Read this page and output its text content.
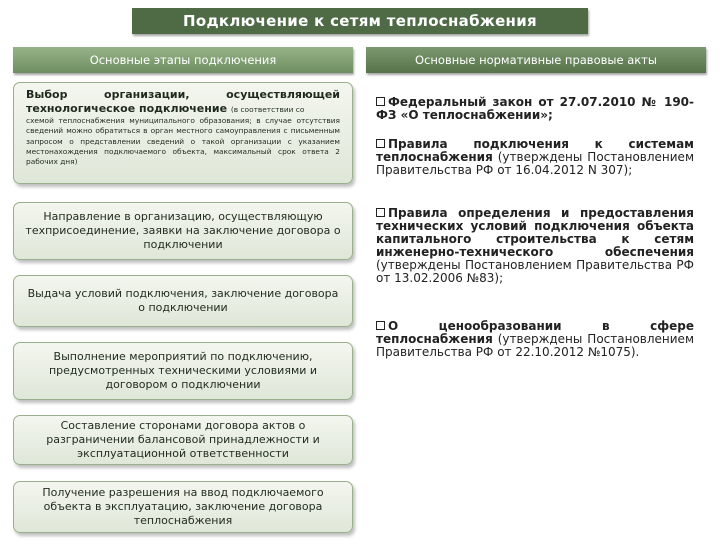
Подключение к сетям теплоснабжения
Основные этапы подключения	Основные нормативные правовые акты
Выбор организации, осуществляющей технологическое подключение (в соответствии со
схемой теплоснабжения муниципального образования; в случае отсутствия сведений можно обратиться в орган местного самоуправления с письменным запросом о представлении сведений о такой организации с указанием местонахождения подключаемого объекта, максимальный срок ответа 2 рабочих дня)
Направление в организацию, осуществляющую техприсоединение, заявки на заключение договора о подключении
Выдача условий подключения, заключение договора о подключении
Выполнение мероприятий по подключению, предусмотренных техническими условиями и договором о подключении
Составление сторонами договора актов о разграничении балансовой принадлежности и эксплуатационной ответственности
Получение разрешения на ввод подключаемого объекта в эксплуатацию, заключение договора теплоснабжения
Федеральный закон от 27.07.2010 № 190-ФЗ «О теплоснабжении»;
Правила подключения к системам теплоснабжения (утверждены Постановлением Правительства РФ от 16.04.2012 N 307);
Правила определения и предоставления технических условий подключения объекта капитального строительства к сетям инженерно-технического обеспечения (утверждены Постановлением Правительства РФ от 13.02.2006 №83);
О ценообразовании в сфере теплоснабжения (утверждены Постановлением Правительства РФ от 22.10.2012 №1075).
